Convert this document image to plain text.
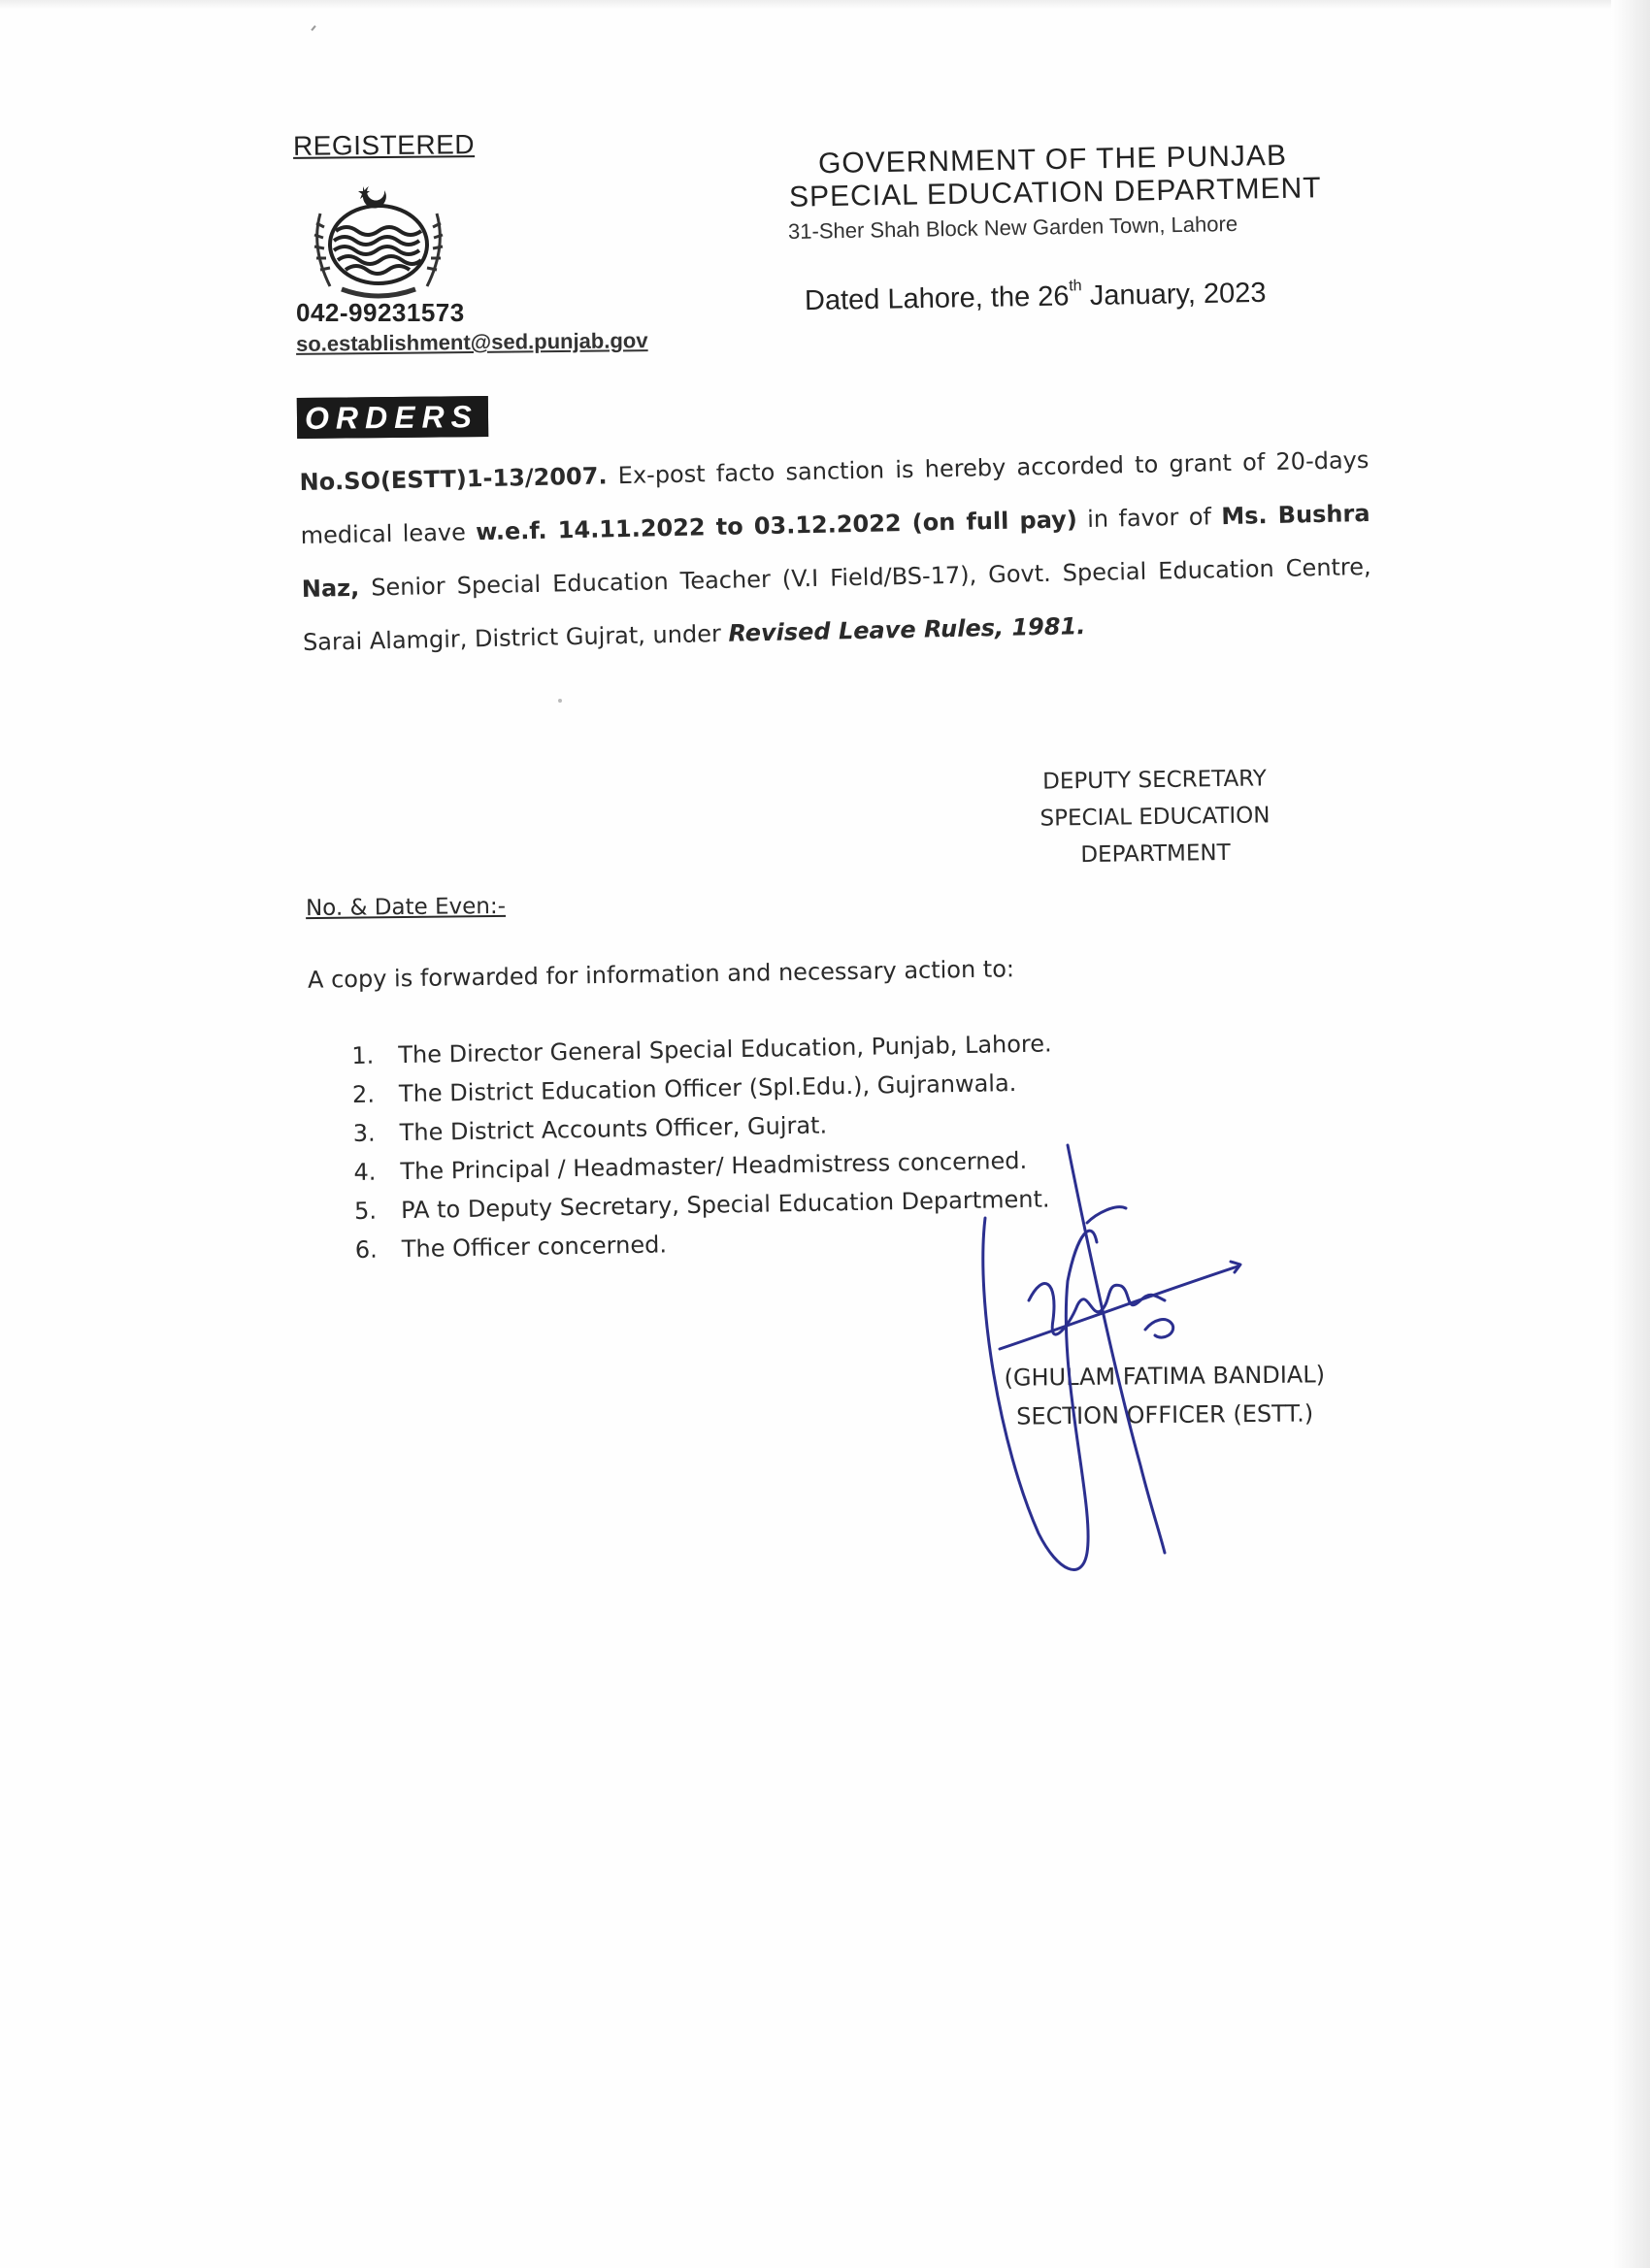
REGISTERED
042-99231573
so.establishment@sed.punjab.gov
GOVERNMENT OF THE PUNJAB
SPECIAL EDUCATION DEPARTMENT
31-Sher Shah Block New Garden Town, Lahore
Dated Lahore, the 26th January, 2023
ORDERS
No.SO(ESTT)1-13/2007. Ex-post facto sanction is hereby accorded to grant of 20-days medical leave w.e.f. 14.11.2022 to 03.12.2022 (on full pay) in favor of Ms. Bushra Naz, Senior Special Education Teacher (V.I Field/BS-17), Govt. Special Education Centre, Sarai Alamgir, District Gujrat, under Revised Leave Rules, 1981.
DEPUTY SECRETARY
SPECIAL EDUCATION
DEPARTMENT
No. & Date Even:-
A copy is forwarded for information and necessary action to:
1. The Director General Special Education, Punjab, Lahore.
2. The District Education Officer (Spl.Edu.), Gujranwala.
3. The District Accounts Officer, Gujrat.
4. The Principal / Headmaster/ Headmistress concerned.
5. PA to Deputy Secretary, Special Education Department.
6. The Officer concerned.
(GHULAM FATIMA BANDIAL)
SECTION OFFICER (ESTT.)
